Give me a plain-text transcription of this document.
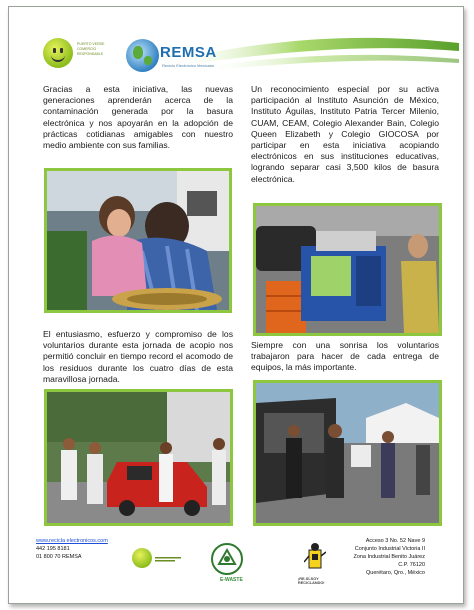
PUERTO VERDE COMERCIO RESPONSABLE	REMSA
Reciclo Electrónico Mexicano

Gracias a esta iniciativa, las nuevas generaciones aprenderán acerca de la contaminación generada por la basura electrónica y nos apoyarán en la adopción de prácticas cotidianas amigables con nuestro medio ambiente con sus familias.

Un reconocimiento especial por su activa participación al Instituto Asunción de México, Instituto Águilas, Instituto Patria Tercer Milenio, CUAM, CEAM, Colegio Alexander Bain, Colegio Queen Elizabeth y Colegio GIOCOSA por participar en esta iniciativa acopiando electrónicos en sus instituciones educativas, logrando separar casi 3,500 kilos de basura electrónica.

El entusiasmo, esfuerzo y compromiso de los voluntarios durante esta jornada de acopio nos permitió concluir en tiempo record el acomodo de los residuos durante los cuatro días de esta maravillosa jornada.

Siempre con una sonrisa los voluntarios trabajaron para hacer de cada entrega de equipos, la más importante.

www.recicla electronicos.com
442 195 8181
01 800 70 REMSA
E-WASTE	¡RE-SÍ-SOY RECICLANDO!
Acceso 3 No. 52 Nave 9
Conjunto Industrial Victoria II
Zona Industrial Benito Juárez
C.P. 76120
Querétaro, Qro., México
